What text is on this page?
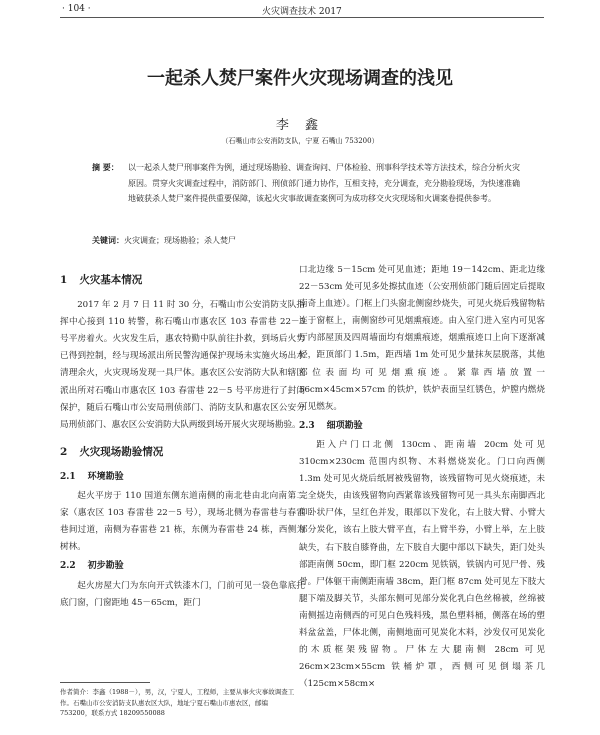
· 104 ·	火灾调查技术 2017
一起杀人焚尸案件火灾现场调查的浅见
李 鑫
（石嘴山市公安消防支队，宁夏 石嘴山 753200）
摘 要： 以一起杀人焚尸刑事案件为例，通过现场勘验、调查询问、尸体检验、刑事科学技术等方法技术，综合分析火灾原因。贯穿火灾调查过程中，消防部门、刑侦部门通力协作，互相支持，充分调查，充分勘验现场，为快速准确地破获杀人焚尸案件提供重要保障，该起火灾事故调查案例可为成功移交火灾现场和火调案卷提供参考。
关键词：火灾调查；现场勘验；杀人焚尸
1 火灾基本情况

2017 年 2 月 7 日 11 时 30 分，石嘴山市公安消防支队指挥中心接到 110 转警，称石嘴山市惠农区 103 春雷巷 22－5 号平房着火。火灾发生后，惠农特勤中队前往扑救，到场后火势已得到控制，经与现场派出所民警沟通保护现场未实施火场出水清理余火，火灾现场发现一具尸体。惠农区公安消防大队和辖区派出所对石嘴山市惠农区 103 春雷巷 22－5 号平房进行了封闭保护，随后石嘴山市公安局刑侦部门、消防支队和惠农区公安分局刑侦部门、惠农区公安消防大队两级到场开展火灾现场勘验。

2 火灾现场勘验情况
2.1 环境勘验

起火平房于 110 国道东侧东道南侧的南北巷由北向南第二家（惠农区 103 春雷巷 22－5 号），现场北侧为春雷巷与春雷巷间过道，南侧为春雷巷 21 栋，东侧为春雷巷 24 栋，西侧为树林。

2.2 初步勘验

起火房屋大门为东向开式铁漆木门，门前可见一袋色靠底托底门窗，门窗距地 45－65cm，距门

口北边缘 5－15cm 处可见血迹；距地 19－142cm、距北边缘 22－53cm 处可见多处擦拭血迹（公安刑侦部门随后固定后提取南奇上血迹）。门框上门头窗北侧窗纱烧失，可见火烧后残留物粘连于窗框上，南侧窗纱可见烟熏痕迹。由入室门进入室内可见客厅内部屋顶及四周墙面均有烟熏痕迹，烟熏痕迹口上向下逐渐减轻，距顶部门 1.5m，距西墙 1m 处可见少量抹灰层脱落，其他部位表面均可见烟熏痕迹。紧靠西墙放置一 56cm×45cm×57cm 的铁炉，铁炉表面呈红锈色，炉膛内燃烧可见燃灰。

2.3 细项勘验

距入户门口北侧 130cm、距南墙 20cm 处可见 310cm×230cm 范围内织物、木料燃烧炭化。门口向西侧 1.3m 处可见火烧后纸屑被残留物，该残留物可见火烧痕迹，未完全烧失，由该残留物向西紧靠该残留物可见一具头东南脚西北仰卧状尸体，呈红色并发，眼部以下发化，右上肢大臂、小臂大部分炭化，该右上肢大臂平直，右上臂半券，小臂上举，左上肢缺失，右下肢自膝脊曲，左下肢自大腿中部以下缺失，距门处头部距南侧 50cm，即门框 220cm 见铁锅，铁锅内可见尸骨、残骨。尸体躯干南侧距南墙 38cm，距门框 87cm 处可见左下肢大腿下端及脚关节，头部东侧可见部分炭化乳白色丝棉被，丝绵被南侧摇边南侧西的可见白色残料残，黑色塑料桶，侧落在场的塑料盆盆盖，尸体北侧，南侧地面可见炭化木料，沙发仅可见炭化的木质框架残留物。尸体左大腿南侧 28cm 可见 26cm×23cm×55cm 铁桶炉罩，西侧可见倒塌茶几（125cm×58cm×

作者简介：李鑫（1988－），男，汉，宁夏人，工程师，主要从事火灾事故调查工作。石嘴山市公安消防支队惠农区大队，地址宁夏石嘴山市惠农区，邮编 753200，联系方式 18209550088
